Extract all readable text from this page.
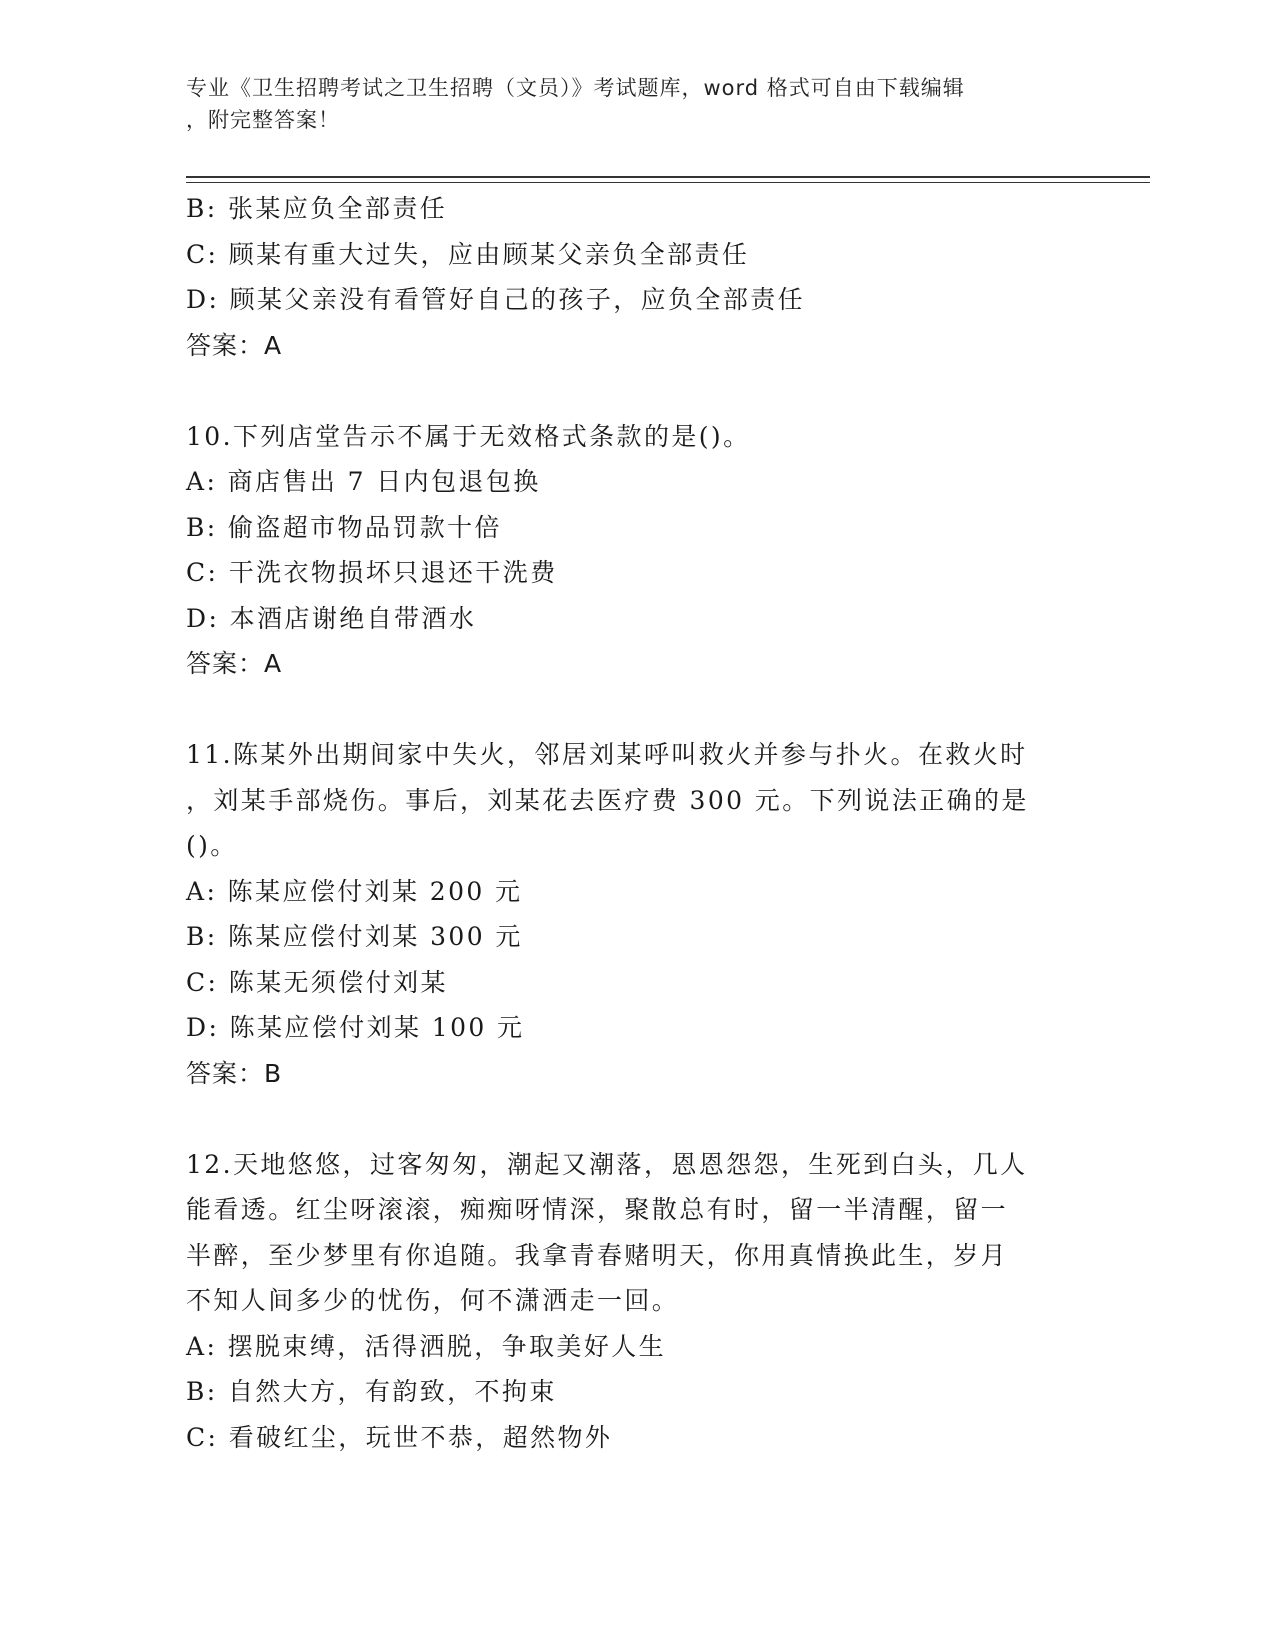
专业《卫生招聘考试之卫生招聘（文员）》考试题库，word 格式可自由下载编辑
，附完整答案！
B: 张某应负全部责任
C: 顾某有重大过失，应由顾某父亲负全部责任
D: 顾某父亲没有看管好自己的孩子，应负全部责任
答案：A
10.下列店堂告示不属于无效格式条款的是()。
A: 商店售出 7 日内包退包换
B: 偷盗超市物品罚款十倍
C: 干洗衣物损坏只退还干洗费
D: 本酒店谢绝自带酒水
答案：A
11.陈某外出期间家中失火，邻居刘某呼叫救火并参与扑火。在救火时
，刘某手部烧伤。事后，刘某花去医疗费 300 元。下列说法正确的是
()。
A: 陈某应偿付刘某 200 元
B: 陈某应偿付刘某 300 元
C: 陈某无须偿付刘某
D: 陈某应偿付刘某 100 元
答案：B
12.天地悠悠，过客匆匆，潮起又潮落，恩恩怨怨，生死到白头，几人
能看透。红尘呀滚滚，痴痴呀情深，聚散总有时，留一半清醒，留一
半醉，至少梦里有你追随。我拿青春赌明天，你用真情换此生，岁月
不知人间多少的忧伤，何不潇洒走一回。
A: 摆脱束缚，活得洒脱，争取美好人生
B: 自然大方，有韵致，不拘束
C: 看破红尘，玩世不恭，超然物外
